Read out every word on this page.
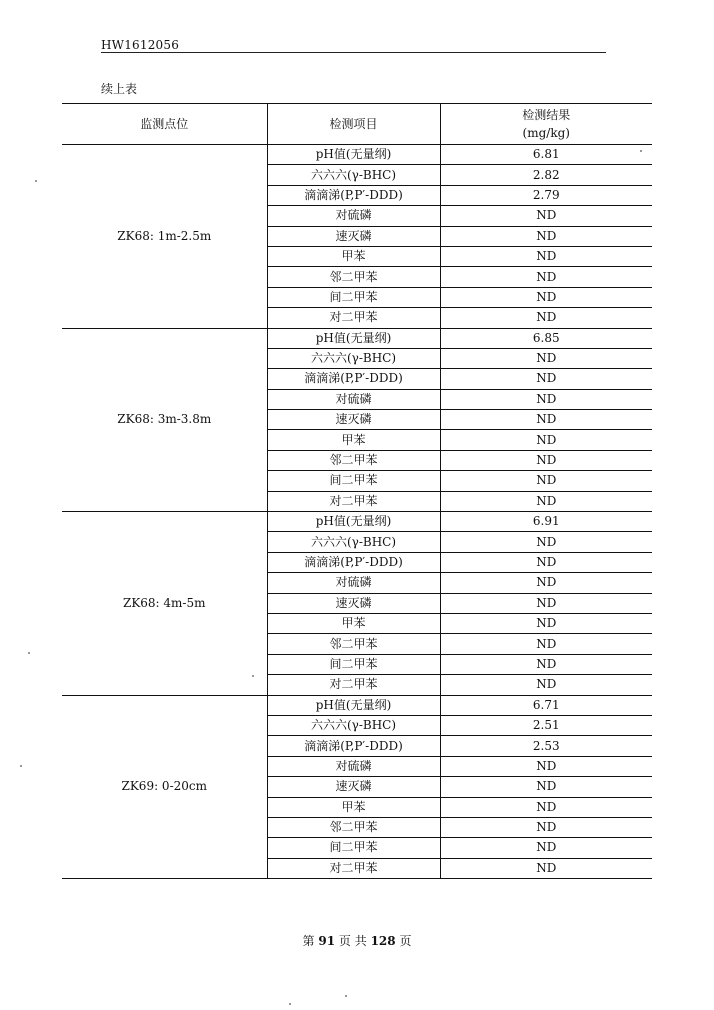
HW1612056
续上表
监测点位	检测项目	检测结果
(mg/kg)

ZK68: 1m-2.5m	pH值(无量纲)	6.81
	六六六(γ-BHC)	2.82
	滴滴涕(P,P′-DDD)	2.79
	对硫磷	ND
	速灭磷	ND
	甲苯	ND
	邻二甲苯	ND
	间二甲苯	ND
	对二甲苯	ND
ZK68: 3m-3.8m	pH值(无量纲)	6.85
	六六六(γ-BHC)	ND
	滴滴涕(P,P′-DDD)	ND
	对硫磷	ND
	速灭磷	ND
	甲苯	ND
	邻二甲苯	ND
	间二甲苯	ND
	对二甲苯	ND
ZK68: 4m-5m	pH值(无量纲)	6.91
	六六六(γ-BHC)	ND
	滴滴涕(P,P′-DDD)	ND
	对硫磷	ND
	速灭磷	ND
	甲苯	ND
	邻二甲苯	ND
	间二甲苯	ND
	对二甲苯	ND
ZK69: 0-20cm	pH值(无量纲)	6.71
	六六六(γ-BHC)	2.51
	滴滴涕(P,P′-DDD)	2.53
	对硫磷	ND
	速灭磷	ND
	甲苯	ND
	邻二甲苯	ND
	间二甲苯	ND
	对二甲苯	ND
第 91 页 共 128 页
